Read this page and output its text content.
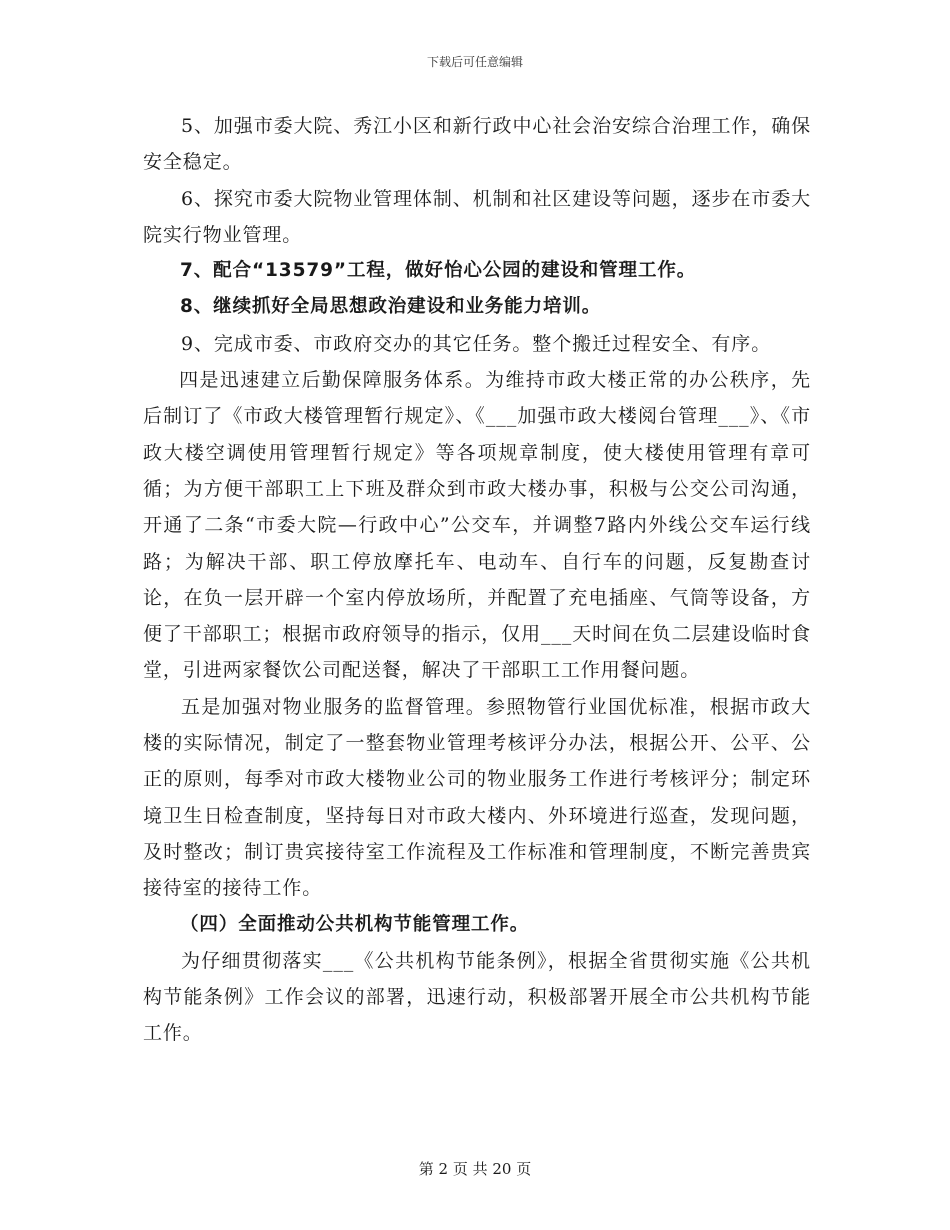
下载后可任意编辑

5、加强市委大院、秀江小区和新行政中心社会治安综合治理工作，确保安全稳定。

6、探究市委大院物业管理体制、机制和社区建设等问题，逐步在市委大院实行物业管理。

7、配合“13579”工程，做好怡心公园的建设和管理工作。

8、继续抓好全局思想政治建设和业务能力培训。

9、完成市委、市政府交办的其它任务。整个搬迁过程安全、有序。

四是迅速建立后勤保障服务体系。为维持市政大楼正常的办公秩序，先后制订了《市政大楼管理暂行规定》、《___加强市政大楼阅台管理___》、《市政大楼空调使用管理暂行规定》等各项规章制度，使大楼使用管理有章可循；为方便干部职工上下班及群众到市政大楼办事，积极与公交公司沟通，开通了二条“市委大院—行政中心”公交车，并调整7路内外线公交车运行线路；为解决干部、职工停放摩托车、电动车、自行车的问题，反复勘查讨论，在负一层开辟一个室内停放场所，并配置了充电插座、气筒等设备，方便了干部职工；根据市政府领导的指示，仅用___天时间在负二层建设临时食堂，引进两家餐饮公司配送餐，解决了干部职工工作用餐问题。

五是加强对物业服务的监督管理。参照物管行业国优标准，根据市政大楼的实际情况，制定了一整套物业管理考核评分办法，根据公开、公平、公正的原则，每季对市政大楼物业公司的物业服务工作进行考核评分；制定环境卫生日检查制度，坚持每日对市政大楼内、外环境进行巡查，发现问题，及时整改；制订贵宾接待室工作流程及工作标准和管理制度，不断完善贵宾接待室的接待工作。

（四）全面推动公共机构节能管理工作。

为仔细贯彻落实___《公共机构节能条例》，根据全省贯彻实施《公共机构节能条例》工作会议的部署，迅速行动，积极部署开展全市公共机构节能工作。

第 2 页 共 20 页
